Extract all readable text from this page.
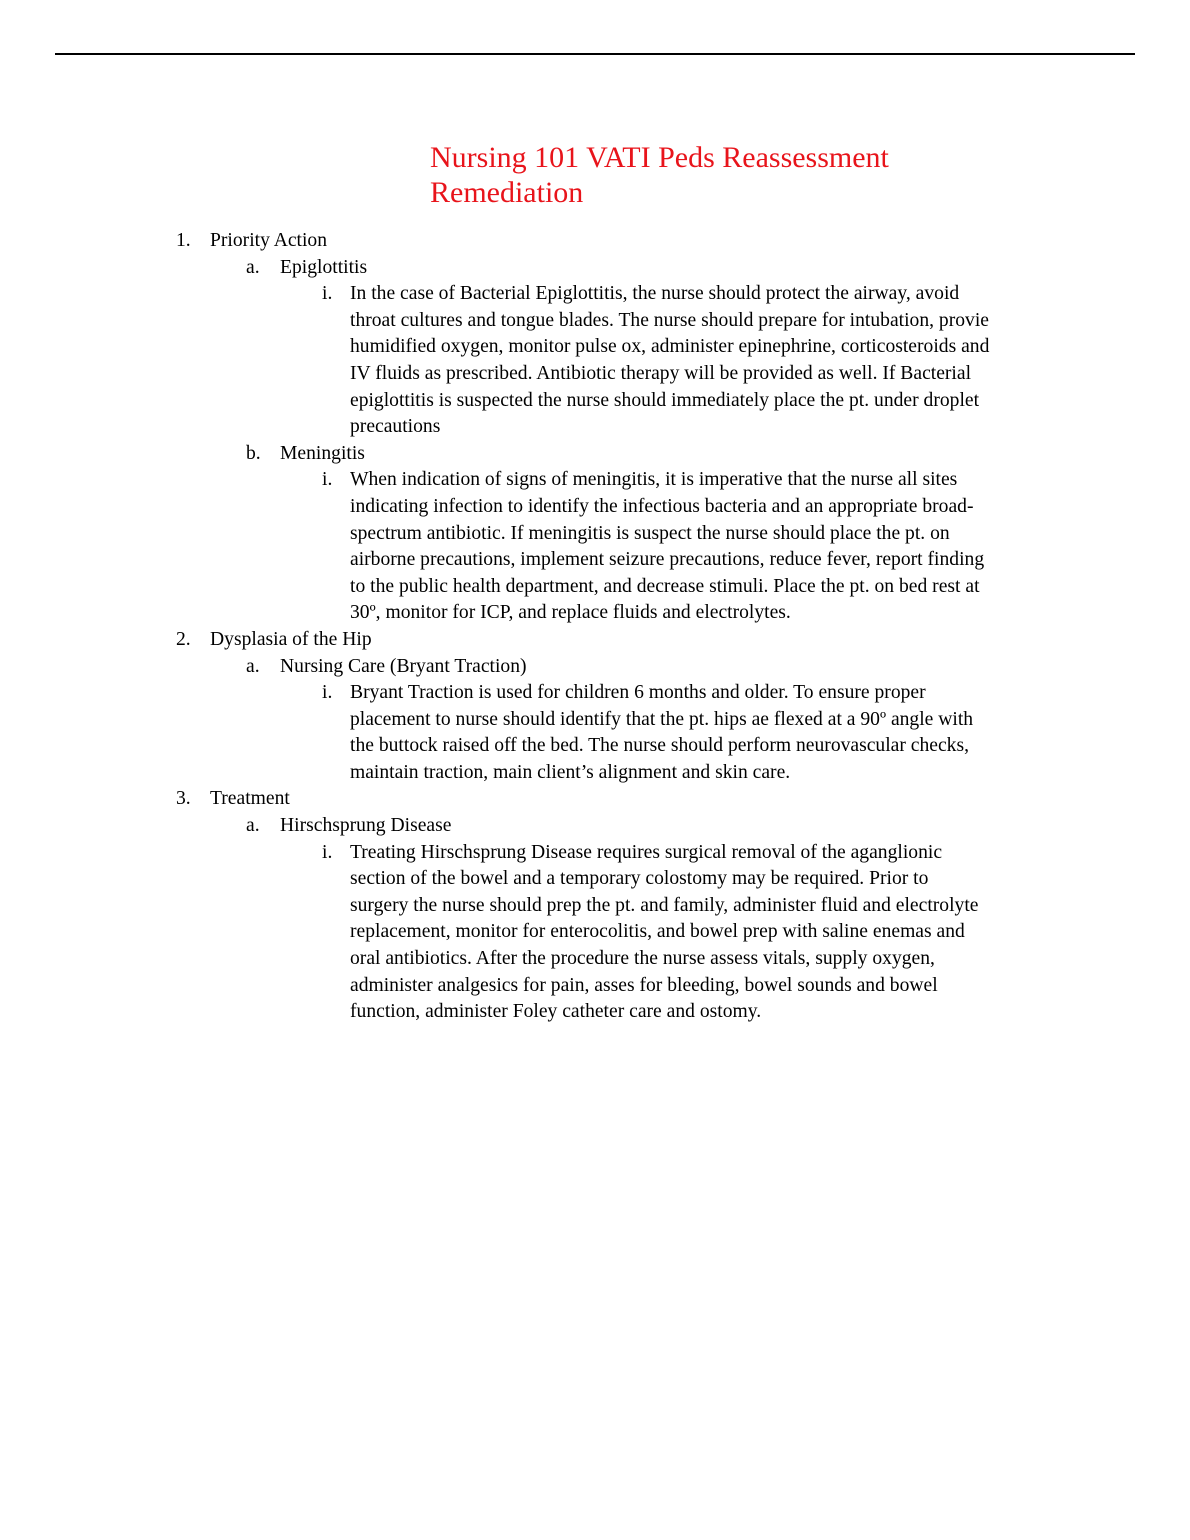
Nursing 101 VATI Peds Reassessment
Remediation
1. Priority Action
a. Epiglottitis
i. In the case of Bacterial Epiglottitis, the nurse should protect the airway, avoid
throat cultures and tongue blades. The nurse should prepare for intubation, provie
humidified oxygen, monitor pulse ox, administer epinephrine, corticosteroids and
IV fluids as prescribed. Antibiotic therapy will be provided as well. If Bacterial
epiglottitis is suspected the nurse should immediately place the pt. under droplet
precautions
b. Meningitis
i. When indication of signs of meningitis, it is imperative that the nurse all sites
indicating infection to identify the infectious bacteria and an appropriate broad-
spectrum antibiotic. If meningitis is suspect the nurse should place the pt. on
airborne precautions, implement seizure precautions, reduce fever, report finding
to the public health department, and decrease stimuli. Place the pt. on bed rest at
30º, monitor for ICP, and replace fluids and electrolytes.
2. Dysplasia of the Hip
a. Nursing Care (Bryant Traction)
i. Bryant Traction is used for children 6 months and older. To ensure proper
placement to nurse should identify that the pt. hips ae flexed at a 90º angle with
the buttock raised off the bed. The nurse should perform neurovascular checks,
maintain traction, main client’s alignment and skin care.
3. Treatment
a. Hirschsprung Disease
i. Treating Hirschsprung Disease requires surgical removal of the aganglionic
section of the bowel and a temporary colostomy may be required. Prior to
surgery the nurse should prep the pt. and family, administer fluid and electrolyte
replacement, monitor for enterocolitis, and bowel prep with saline enemas and
oral antibiotics. After the procedure the nurse assess vitals, supply oxygen,
administer analgesics for pain, asses for bleeding, bowel sounds and bowel
function, administer Foley catheter care and ostomy.
